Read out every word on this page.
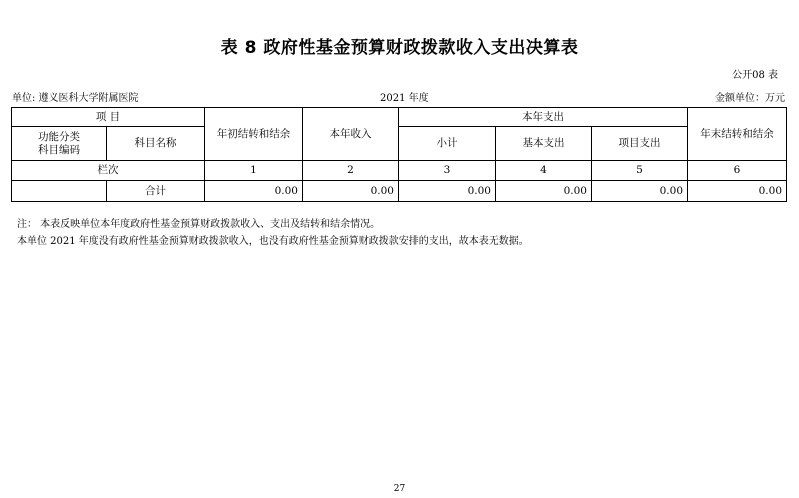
表 8 政府性基金预算财政拨款收入支出决算表
公开08 表
单位: 遵义医科大学附属医院	2021 年度	金额单位：万元
项 目		年初结转和结余	本年收入	本年支出			年末结转和结余

功能分类
科目编码	科目名称			小计	基本支出	项目支出	
栏次		1	2	3	4	5	6
	合计	0.00	0.00	0.00	0.00	0.00	0.00
注： 本表反映单位本年度政府性基金预算财政拨款收入、支出及结转和结余情况。
本单位 2021 年度没有政府性基金预算财政拨款收入，也没有政府性基金预算财政拨款安排的支出，故本表无数据。
27
